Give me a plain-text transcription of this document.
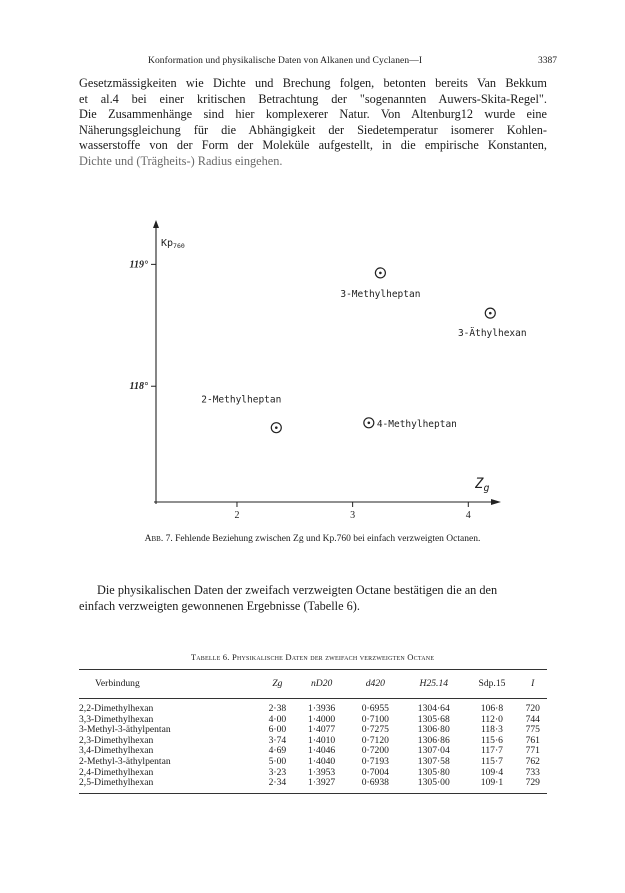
Konformation und physikalische Daten von Alkanen und Cyclanen—I	3387
Gesetzmässigkeiten wie Dichte und Brechung folgen, betonten bereits Van Bekkum
et al.4 bei einer kritischen Betrachtung der "sogenannten Auwers-Skita-Regel".
Die Zusammenhänge sind hier komplexerer Natur. Von Altenburg12 wurde eine
Näherungsgleichung für die Abhängigkeit der Siedetemperatur isomerer Kohlen-
wasserstoffe von der Form der Moleküle aufgestellt, in die empirische Konstanten,
Dichte und (Trägheits-) Radius eingehen.
$Kp_{760}$
$Z_g$
118°
119°
2	3	4
2-Methylheptan
3-Methylheptan
3-Äthylhexan
4-Methylheptan
Abb. 7. Fehlende Beziehung zwischen Zg und Kp.760 bei einfach verzweigten Octanen.
Die physikalischen Daten der zweifach verzweigten Octane bestätigen die an den
einfach verzweigten gewonnenen Ergebnisse (Tabelle 6).
Tabelle 6. Physikalische Daten der zweifach verzweigten Octane
Verbindung	Zg	nD20	d420	H25.14	Sdp.15	I
2,2-Dimethylhexan	2·38	1·3936	0·6955	1304·64	106·8	720
3,3-Dimethylhexan	4·00	1·4000	0·7100	1305·68	112·0	744
3-Methyl-3-äthylpentan	6·00	1·4077	0·7275	1306·80	118·3	775
2,3-Dimethylhexan	3·74	1·4010	0·7120	1306·86	115·6	761
3,4-Dimethylhexan	4·69	1·4046	0·7200	1307·04	117·7	771
2-Methyl-3-äthylpentan	5·00	1·4040	0·7193	1307·58	115·7	762
2,4-Dimethylhexan	3·23	1·3953	0·7004	1305·80	109·4	733
2,5-Dimethylhexan	2·34	1·3927	0·6938	1305·00	109·1	729
